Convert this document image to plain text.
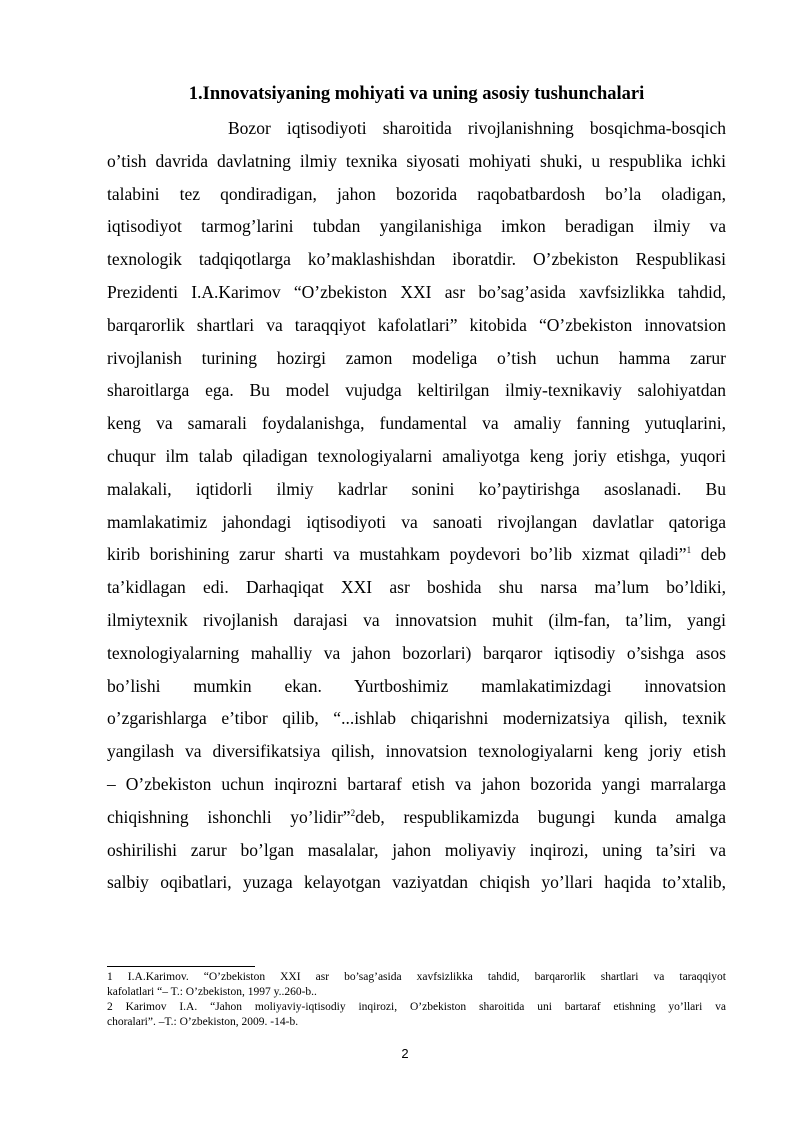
1.Innovatsiyaning mohiyati va uning asosiy tushunchalari
Bozor iqtisodiyoti sharoitida rivojlanishning bosqichma-bosqich
o’tish davrida davlatning ilmiy texnika siyosati mohiyati shuki, u respublika ichki
talabini tez qondiradigan, jahon bozorida raqobatbardosh bo’la oladigan,
iqtisodiyot tarmog’larini tubdan yangilanishiga imkon beradigan ilmiy va
texnologik tadqiqotlarga ko’maklashishdan iboratdir. O’zbekiston Respublikasi
Prezidenti I.A.Karimov “O’zbekiston XXI asr bo’sag’asida xavfsizlikka tahdid,
barqarorlik shartlari va taraqqiyot kafolatlari” kitobida “O’zbekiston innovatsion
rivojlanish turining hozirgi zamon modeliga o’tish uchun hamma zarur
sharoitlarga ega. Bu model vujudga keltirilgan ilmiy-texnikaviy salohiyatdan
keng va samarali foydalanishga, fundamental va amaliy fanning yutuqlarini,
chuqur ilm talab qiladigan texnologiyalarni amaliyotga keng joriy etishga, yuqori
malakali, iqtidorli ilmiy kadrlar sonini ko’paytirishga asoslanadi. Bu
mamlakatimiz jahondagi iqtisodiyoti va sanoati rivojlangan davlatlar qatoriga
kirib borishining zarur sharti va mustahkam poydevori bo’lib xizmat qiladi”$^1$ deb
ta’kidlagan edi. Darhaqiqat XXI asr boshida shu narsa ma’lum bo’ldiki,
ilmiytexnik rivojlanish darajasi va innovatsion muhit (ilm-fan, ta’lim, yangi
texnologiyalarning mahalliy va jahon bozorlari) barqaror iqtisodiy o’sishga asos
bo’lishi mumkin ekan. Yurtboshimiz mamlakatimizdagi innovatsion
o’zgarishlarga e’tibor qilib, “...ishlab chiqarishni modernizatsiya qilish, texnik
yangilash va diversifikatsiya qilish, innovatsion texnologiyalarni keng joriy etish
– O’zbekiston uchun inqirozni bartaraf etish va jahon bozorida yangi marralarga
chiqishning ishonchli yo’lidir”$^2$deb, respublikamizda bugungi kunda amalga
oshirilishi zarur bo’lgan masalalar, jahon moliyaviy inqirozi, uning ta’siri va
salbiy oqibatlari, yuzaga kelayotgan vaziyatdan chiqish yo’llari haqida to’xtalib,
1 I.A.Karimov. “O’zbekiston XXI asr bo’sag’asida xavfsizlikka tahdid, barqarorlik shartlari va taraqqiyot
kafolatlari “– T.: O’zbekiston, 1997 y..260-b..
2 Karimov I.A. “Jahon moliyaviy-iqtisodiy inqirozi, O’zbekiston sharoitida uni bartaraf etishning yo’llari va
choralari”. –T.: O’zbekiston, 2009. -14-b.
2
